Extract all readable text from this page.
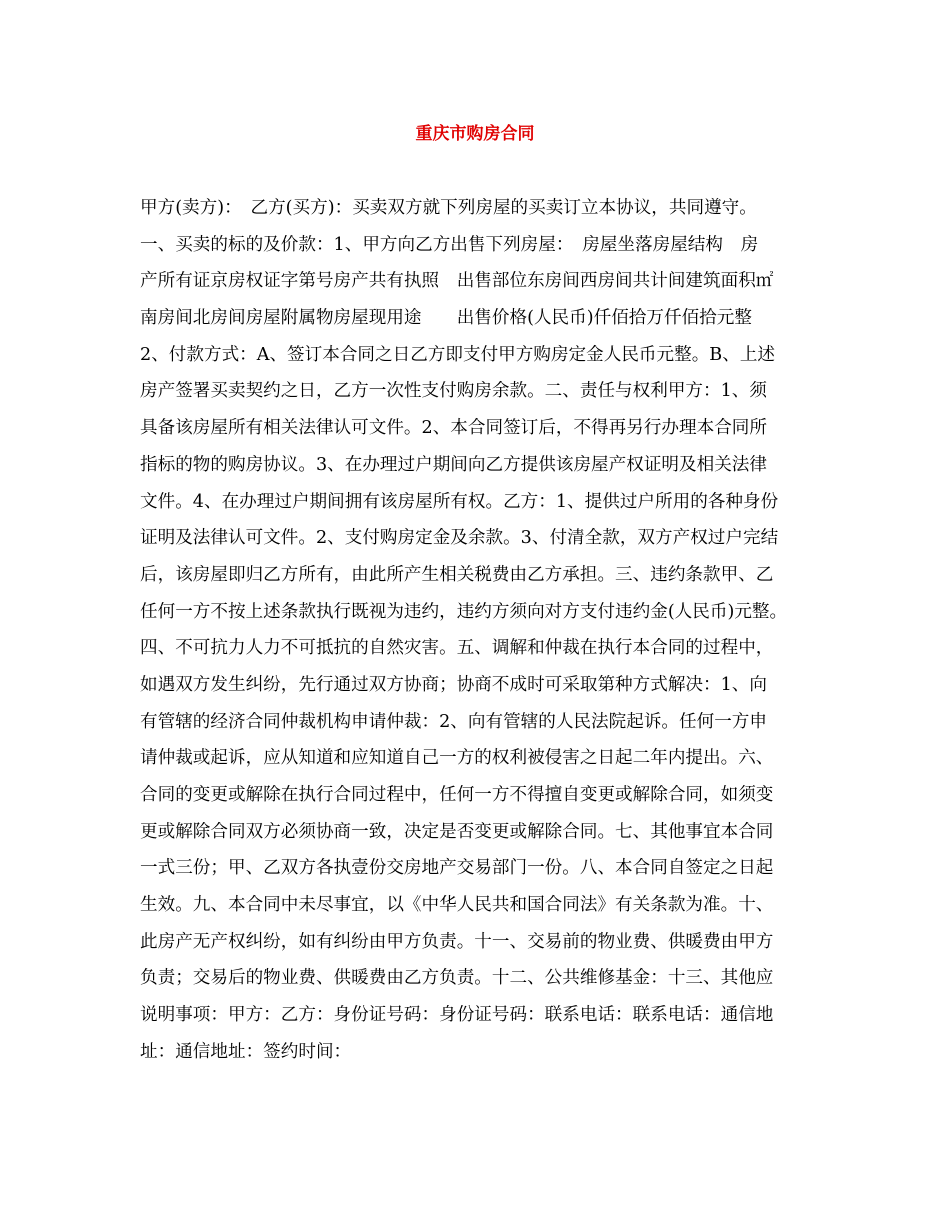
重庆市购房合同
甲方(卖方)：　乙方(买方)：买卖双方就下列房屋的买卖订立本协议，共同遵守。
一、买卖的标的及价款：1、甲方向乙方出售下列房屋：　房屋坐落房屋结构　房
产所有证京房权证字第号房产共有执照　出售部位东房间西房间共计间建筑面积㎡
南房间北房间房屋附属物房屋现用途　　出售价格(人民币)仟佰拾万仟佰拾元整
2、付款方式：A、签订本合同之日乙方即支付甲方购房定金人民币元整。B、上述
房产签署买卖契约之日，乙方一次性支付购房余款。二、责任与权利甲方：1、须
具备该房屋所有相关法律认可文件。2、本合同签订后，不得再另行办理本合同所
指标的物的购房协议。3、在办理过户期间向乙方提供该房屋产权证明及相关法律
文件。4、在办理过户期间拥有该房屋所有权。乙方：1、提供过户所用的各种身份
证明及法律认可文件。2、支付购房定金及余款。3、付清全款，双方产权过户完结
后，该房屋即归乙方所有，由此所产生相关税费由乙方承担。三、违约条款甲、乙
任何一方不按上述条款执行既视为违约，违约方须向对方支付违约金(人民币)元整。
四、不可抗力人力不可抵抗的自然灾害。五、调解和仲裁在执行本合同的过程中，
如遇双方发生纠纷，先行通过双方协商；协商不成时可采取第种方式解决：1、向
有管辖的经济合同仲裁机构申请仲裁：2、向有管辖的人民法院起诉。任何一方申
请仲裁或起诉，应从知道和应知道自己一方的权利被侵害之日起二年内提出。六、
合同的变更或解除在执行合同过程中，任何一方不得擅自变更或解除合同，如须变
更或解除合同双方必须协商一致，决定是否变更或解除合同。七、其他事宜本合同
一式三份；甲、乙双方各执壹份交房地产交易部门一份。八、本合同自签定之日起
生效。九、本合同中未尽事宜，以《中华人民共和国合同法》有关条款为准。十、
此房产无产权纠纷，如有纠纷由甲方负责。十一、交易前的物业费、供暖费由甲方
负责；交易后的物业费、供暖费由乙方负责。十二、公共维修基金：十三、其他应
说明事项：甲方：乙方：身份证号码：身份证号码：联系电话：联系电话：通信地
址：通信地址：签约时间：
